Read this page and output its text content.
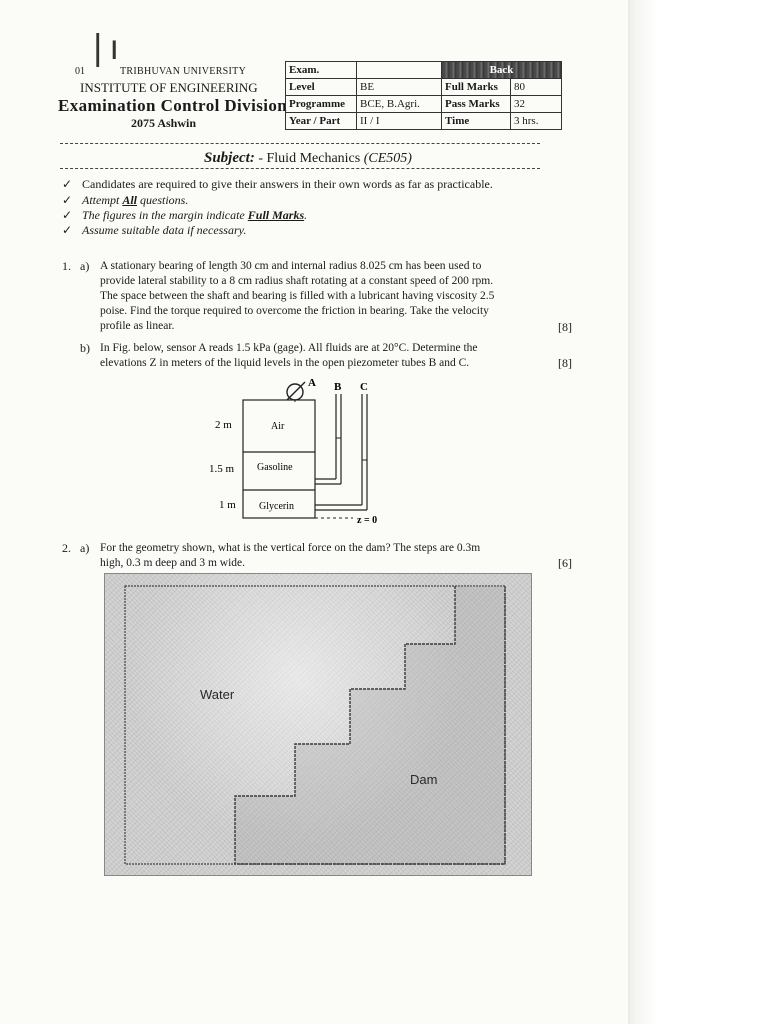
|ı
01	TRIBHUVAN UNIVERSITY
INSTITUTE OF ENGINEERING
Examination Control Division
2075 Ashwin
Exam.		Back	
Level	BE	Full Marks	80
Programme	BCE, B.Agri.	Pass Marks	32
Year / Part	II / I	Time	3 hrs.
Subject: - Fluid Mechanics (CE505)
✓ Candidates are required to give their answers in their own words as far as practicable.
✓ Attempt All questions.
✓ The figures in the margin indicate Full Marks.
✓ Assume suitable data if necessary.
1. a) A stationary bearing of length 30 cm and internal radius 8.025 cm has been used to
provide lateral stability to a 8 cm radius shaft rotating at a constant speed of 200 rpm.
The space between the shaft and bearing is filled with a lubricant having viscosity 2.5
poise. Find the torque required to overcome the friction in bearing. Take the velocity
profile as linear.	[8]
b) In Fig. below, sensor A reads 1.5 kPa (gage). All fluids are at 20°C. Determine the
elevations Z in meters of the liquid levels in the open piezometer tubes B and C.	[8]
A B C
2 m
1.5 m
1 m
Air
Gasoline
Glycerin
z = 0
2. a) For the geometry shown, what is the vertical force on the dam? The steps are 0.3m
high, 0.3 m deep and 3 m wide.	[6]
Water
Dam
